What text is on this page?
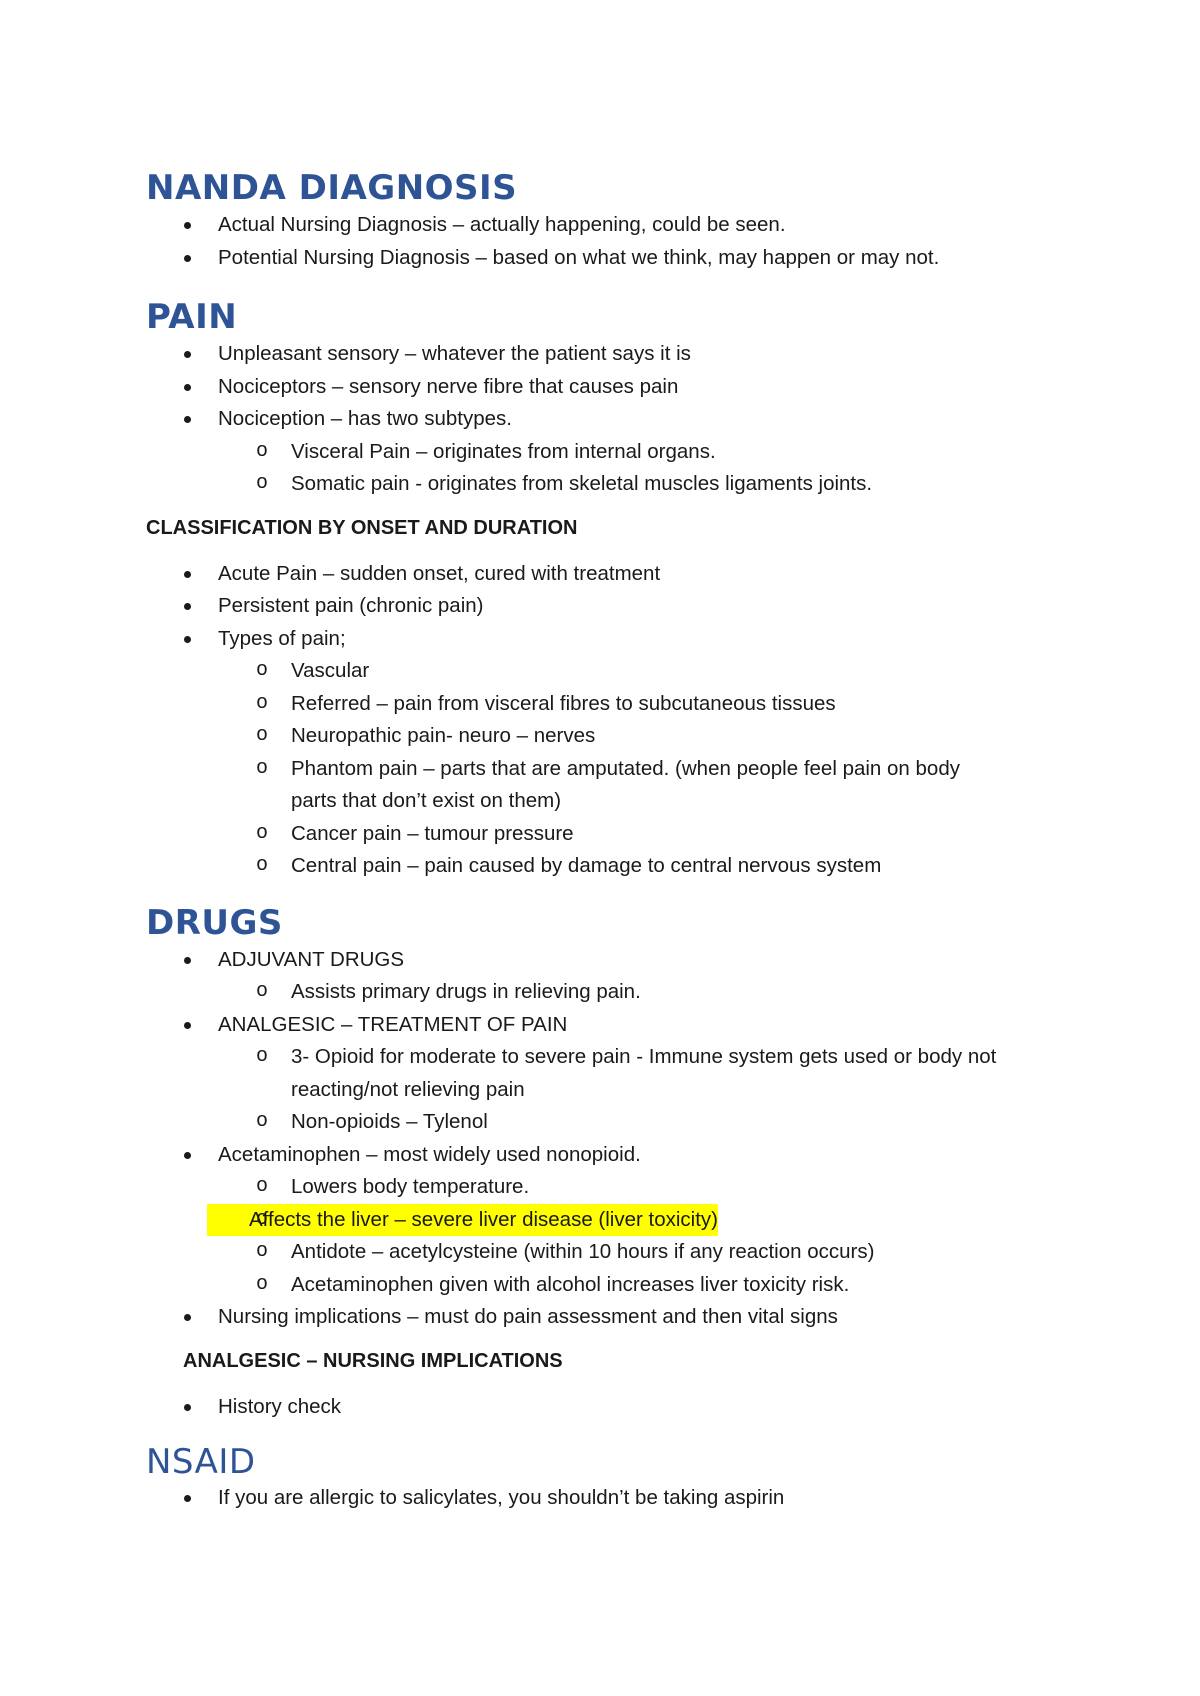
NANDA DIAGNOSIS
Actual Nursing Diagnosis – actually happening, could be seen.
Potential Nursing Diagnosis – based on what we think, may happen or may not.
PAIN
Unpleasant sensory – whatever the patient says it is
Nociceptors – sensory nerve fibre that causes pain
Nociception – has two subtypes.
o Visceral Pain – originates from internal organs.
o Somatic pain - originates from skeletal muscles ligaments joints.
CLASSIFICATION BY ONSET AND DURATION
Acute Pain – sudden onset, cured with treatment
Persistent pain (chronic pain)
Types of pain;
o Vascular
o Referred – pain from visceral fibres to subcutaneous tissues
o Neuropathic pain- neuro – nerves
o Phantom pain – parts that are amputated. (when people feel pain on body parts that don’t exist on them)
o Cancer pain – tumour pressure
o Central pain – pain caused by damage to central nervous system
DRUGS
ADJUVANT DRUGS
o Assists primary drugs in relieving pain.
ANALGESIC – TREATMENT OF PAIN
o 3- Opioid for moderate to severe pain - Immune system gets used or body not reacting/not relieving pain
o Non-opioids – Tylenol
Acetaminophen – most widely used nonopioid.
o Lowers body temperature.
o Affects the liver – severe liver disease (liver toxicity)
o Antidote – acetylcysteine (within 10 hours if any reaction occurs)
o Acetaminophen given with alcohol increases liver toxicity risk.
Nursing implications – must do pain assessment and then vital signs
ANALGESIC – NURSING IMPLICATIONS
History check
NSAID
If you are allergic to salicylates, you shouldn’t be taking aspirin
